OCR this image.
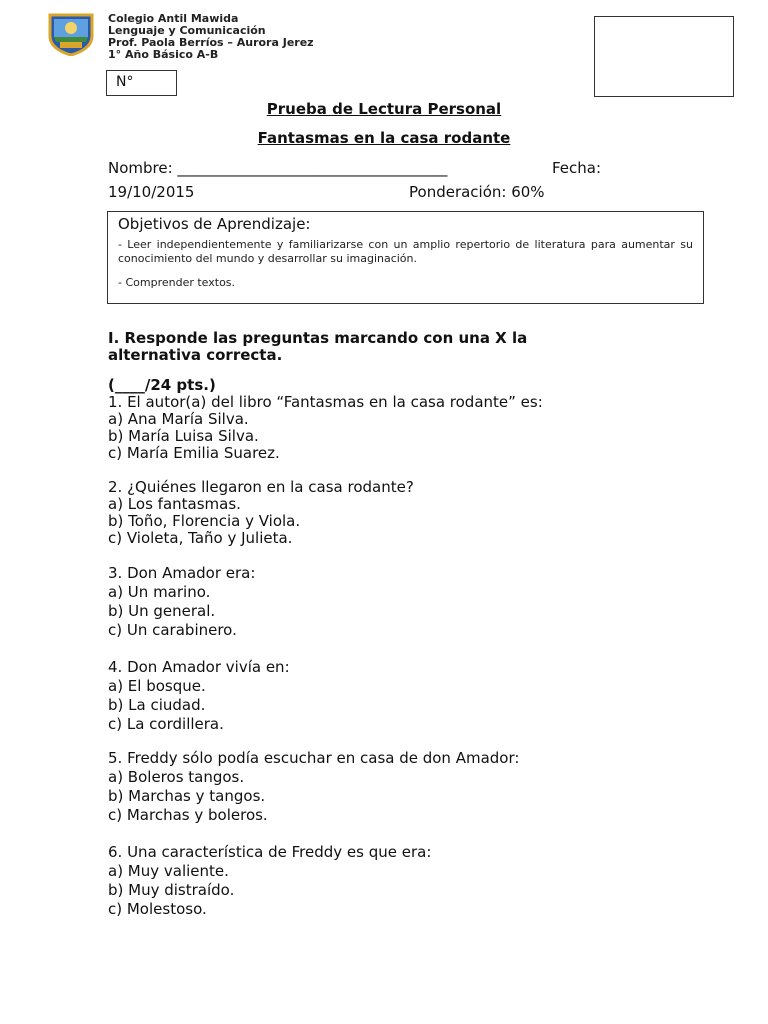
Colegio Antil Mawida
Lenguaje y Comunicación
Prof. Paola Berríos – Aurora Jerez
1° Año Básico A-B
N°
Prueba de Lectura Personal
Fantasmas en la casa rodante
Nombre: ____________________________________	Fecha:
19/10/2015	Ponderación: 60%
Objetivos de Aprendizaje:
- Leer independientemente y familiarizarse con un amplio repertorio de literatura para aumentar su conocimiento del mundo y desarrollar su imaginación.
- Comprender textos.
I. Responde las preguntas marcando con una X la
alternativa correcta.
(____/24 pts.)
1. El autor(a) del libro “Fantasmas en la casa rodante” es:
a) Ana María Silva.
b) María Luisa Silva.
c) María Emilia Suarez.
2. ¿Quiénes llegaron en la casa rodante?
a) Los fantasmas.
b) Toño, Florencia y Viola.
c) Violeta, Taño y Julieta.
3. Don Amador era:
a) Un marino.
b) Un general.
c) Un carabinero.
4. Don Amador vivía en:
a) El bosque.
b) La ciudad.
c) La cordillera.
5. Freddy sólo podía escuchar en casa de don Amador:
a) Boleros tangos.
b) Marchas y tangos.
c) Marchas y boleros.
6. Una característica de Freddy es que era:
a) Muy valiente.
b) Muy distraído.
c) Molestoso.
